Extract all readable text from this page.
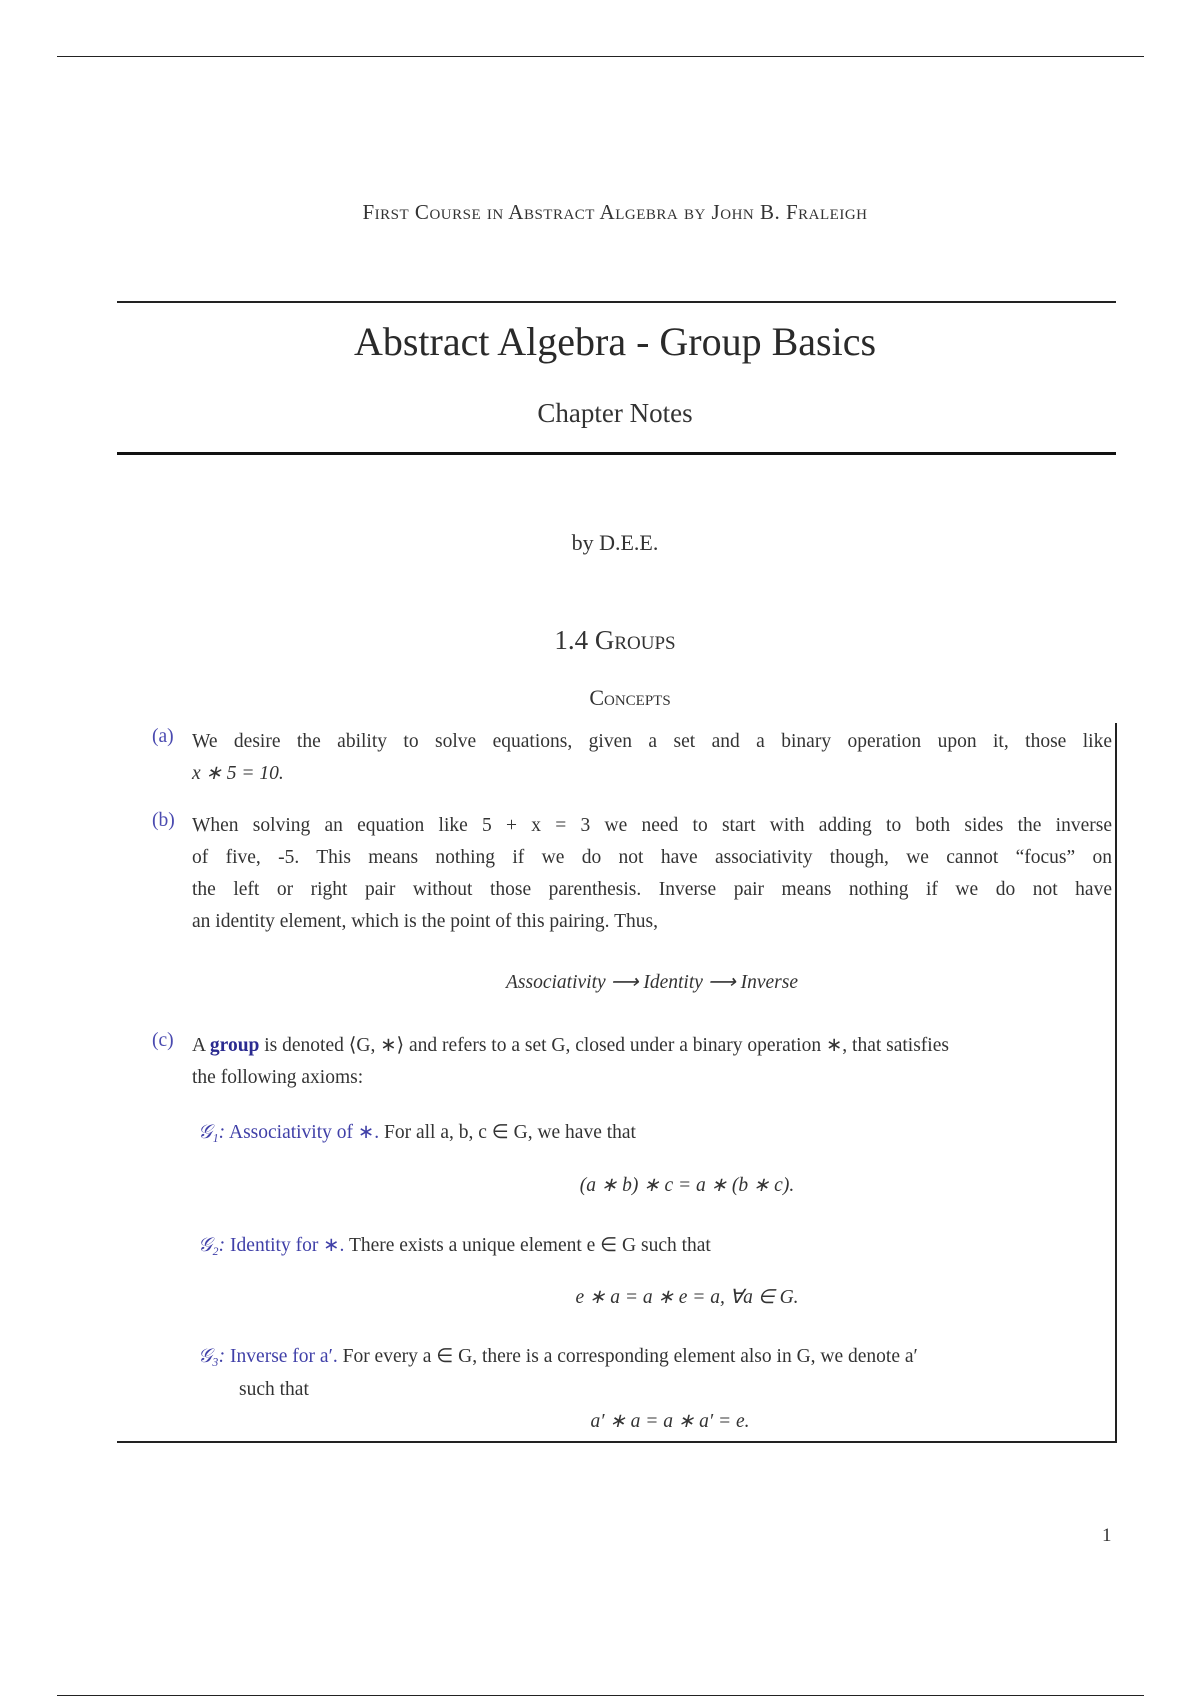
First Course in Abstract Algebra by John B. Fraleigh
Abstract Algebra - Group Basics
Chapter Notes
by D.E.E.
1.4 Groups
Concepts
(a) We desire the ability to solve equations, given a set and a binary operation upon it, those like
x ∗ 5 = 10.
(b) When solving an equation like 5 + x = 3 we need to start with adding to both sides the inverse
of five, -5. This means nothing if we do not have associativity though, we cannot “focus” on
the left or right pair without those parenthesis. Inverse pair means nothing if we do not have
an identity element, which is the point of this pairing. Thus,
Associativity ⟶ Identity ⟶ Inverse
(c) A group is denoted ⟨G, ∗⟩ and refers to a set G, closed under a binary operation ∗, that satisfies
the following axioms:
𝒢₁: Associativity of ∗. For all a, b, c ∈ G, we have that
(a ∗ b) ∗ c = a ∗ (b ∗ c).
𝒢₂: Identity for ∗. There exists a unique element e ∈ G such that
e ∗ a = a ∗ e = a, ∀a ∈ G.
𝒢₃: Inverse for a′. For every a ∈ G, there is a corresponding element also in G, we denote a′
such that
a′ ∗ a = a ∗ a′ = e.
1
